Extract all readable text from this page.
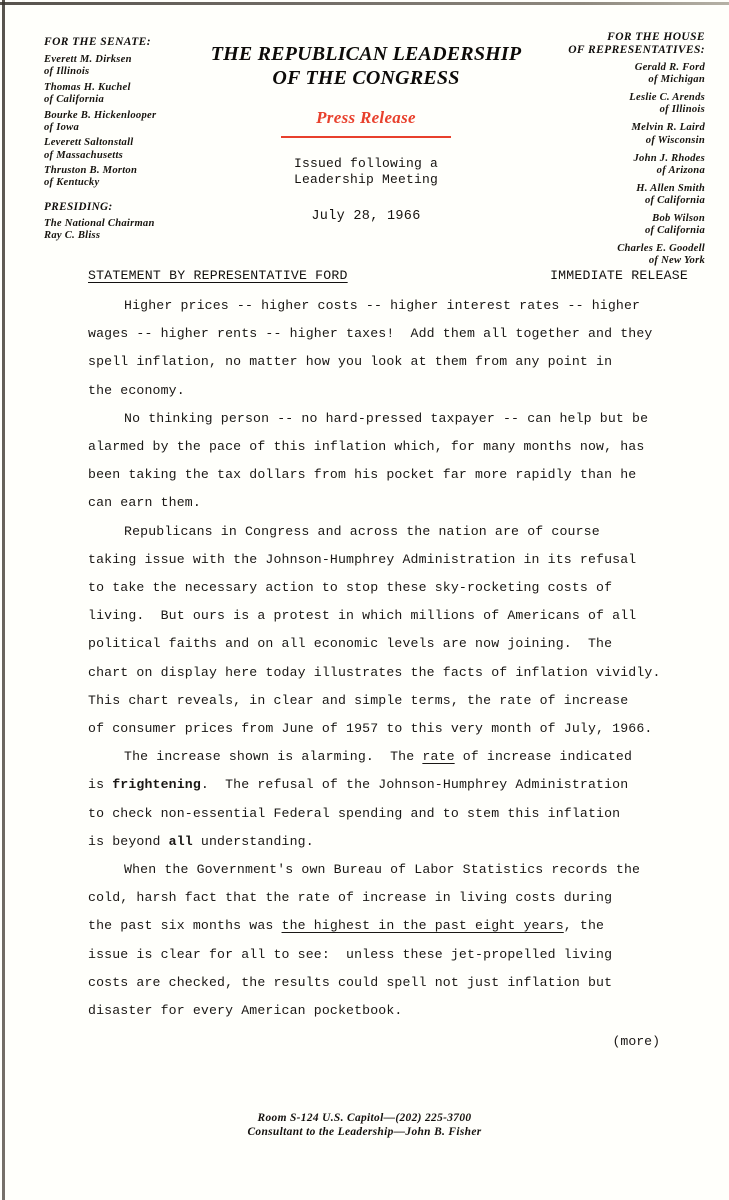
FOR THE SENATE:
Everett M. Dirksen
of Illinois
Thomas H. Kuchel
of California
Bourke B. Hickenlooper
of Iowa
Leverett Saltonstall
of Massachusetts
Thruston B. Morton
of Kentucky
PRESIDING:
The National Chairman
Ray C. Bliss
THE REPUBLICAN LEADERSHIP
OF THE CONGRESS
Press Release
Issued following a
Leadership Meeting
July 28, 1966
FOR THE HOUSE
OF REPRESENTATIVES:
Gerald R. Ford
of Michigan
Leslie C. Arends
of Illinois
Melvin R. Laird
of Wisconsin
John J. Rhodes
of Arizona
H. Allen Smith
of California
Bob Wilson
of California
Charles E. Goodell
of New York
STATEMENT BY REPRESENTATIVE FORD	IMMEDIATE RELEASE

Higher prices -- higher costs -- higher interest rates -- higher
wages -- higher rents -- higher taxes!  Add them all together and they
spell inflation, no matter how you look at them from any point in
the economy.

No thinking person -- no hard-pressed taxpayer -- can help but be
alarmed by the pace of this inflation which, for many months now, has
been taking the tax dollars from his pocket far more rapidly than he
can earn them.

Republicans in Congress and across the nation are of course
taking issue with the Johnson-Humphrey Administration in its refusal
to take the necessary action to stop these sky-rocketing costs of
living.  But ours is a protest in which millions of Americans of all
political faiths and on all economic levels are now joining.  The
chart on display here today illustrates the facts of inflation vividly.
This chart reveals, in clear and simple terms, the rate of increase
of consumer prices from June of 1957 to this very month of July, 1966.

The increase shown is alarming.  The rate of increase indicated
is frightening.  The refusal of the Johnson-Humphrey Administration
to check non-essential Federal spending and to stem this inflation
is beyond all understanding.

When the Government's own Bureau of Labor Statistics records the
cold, harsh fact that the rate of increase in living costs during
the past six months was the highest in the past eight years, the
issue is clear for all to see:  unless these jet-propelled living
costs are checked, the results could spell not just inflation but
disaster for every American pocketbook.

(more)
Room S-124 U.S. Capitol—(202) 225-3700
Consultant to the Leadership—John B. Fisher
